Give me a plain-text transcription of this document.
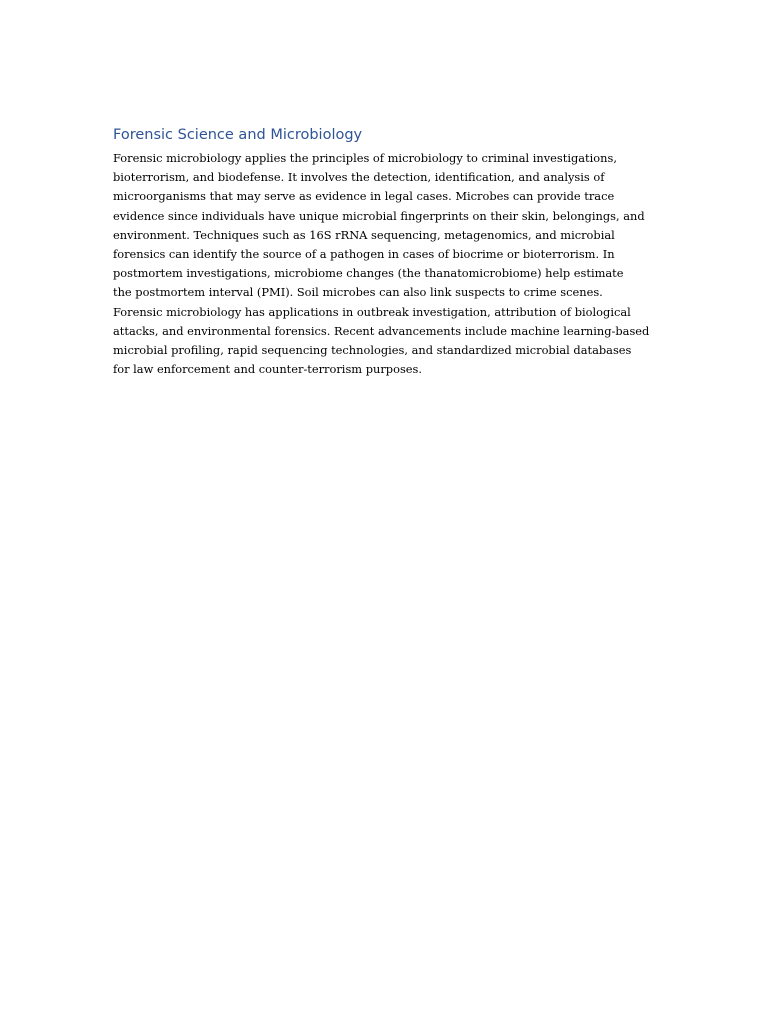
Forensic Science and Microbiology

Forensic microbiology applies the principles of microbiology to criminal investigations,
bioterrorism, and biodefense. It involves the detection, identification, and analysis of
microorganisms that may serve as evidence in legal cases. Microbes can provide trace
evidence since individuals have unique microbial fingerprints on their skin, belongings, and
environment. Techniques such as 16S rRNA sequencing, metagenomics, and microbial
forensics can identify the source of a pathogen in cases of biocrime or bioterrorism. In
postmortem investigations, microbiome changes (the thanatomicrobiome) help estimate
the postmortem interval (PMI). Soil microbes can also link suspects to crime scenes.
Forensic microbiology has applications in outbreak investigation, attribution of biological
attacks, and environmental forensics. Recent advancements include machine learning-based
microbial profiling, rapid sequencing technologies, and standardized microbial databases
for law enforcement and counter-terrorism purposes.
